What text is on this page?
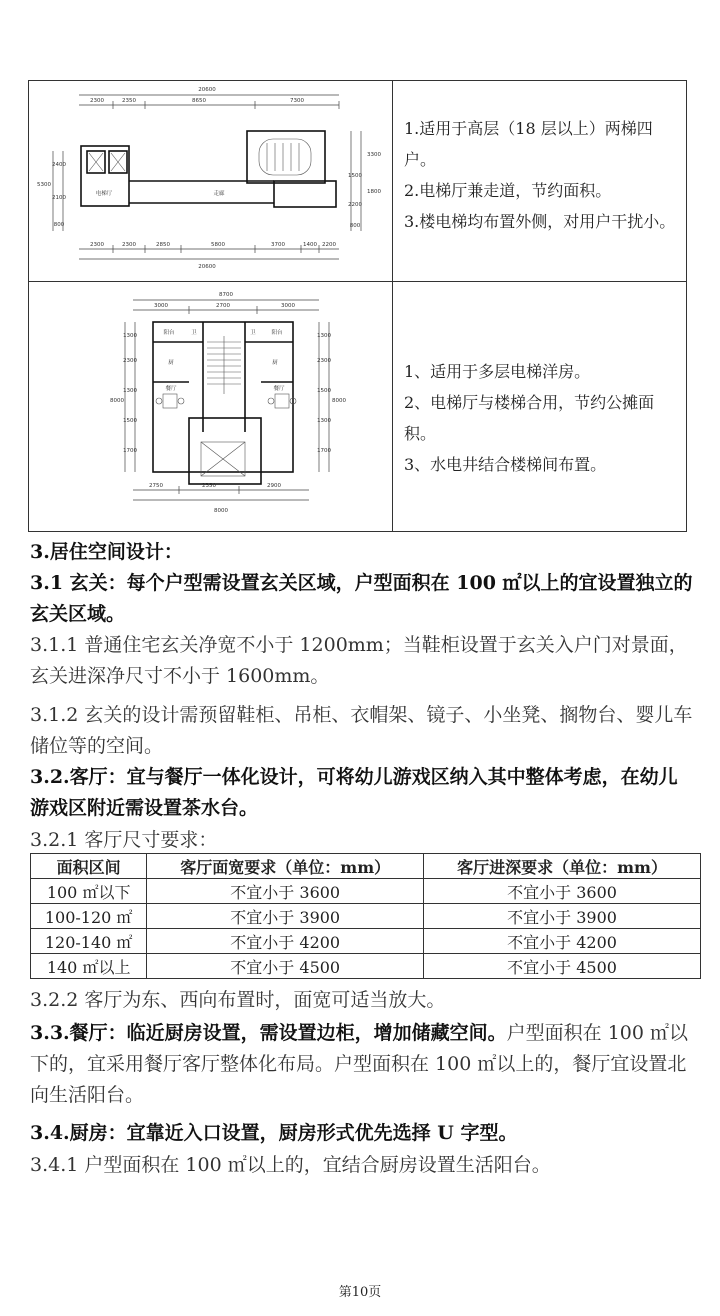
20600
2300	2350	8650	7300
2300	2300	2850	5800	3700	1400 2200
20600
5300
2400
2100
800
3300
1500
1800
2200
800
电梯厅	走廊
1.适用于高层（18 层以上）两梯四户。
2.电梯厅兼走道，节约面积。
3.楼电梯均布置外侧，对用户干扰小。
8700
3000	2700	3000
2750	2350	2900
8000
1300
2300
1300
8000
1500
1700
1300
2300
1500
8000
1300
1700
阳台	卫	阳台
卫
厨	厨
餐厅	餐厅
1、适用于多层电梯洋房。
2、电梯厅与楼梯合用，节约公摊面积。
3、水电井结合楼梯间布置。
3.居住空间设计：
3.1 玄关：每个户型需设置玄关区域，户型面积在 100 ㎡以上的宜设置独立的玄关区域。
3.1.1 普通住宅玄关净宽不小于 1200mm；当鞋柜设置于玄关入户门对景面，玄关进深净尺寸不小于 1600mm。
3.1.2 玄关的设计需预留鞋柜、吊柜、衣帽架、镜子、小坐凳、搁物台、婴儿车储位等的空间。
3.2.客厅：宜与餐厅一体化设计，可将幼儿游戏区纳入其中整体考虑，在幼儿游戏区附近需设置茶水台。
3.2.1 客厅尺寸要求：
面积区间	客厅面宽要求（单位：mm）	客厅进深要求（单位：mm）
100 ㎡以下	不宜小于 3600	不宜小于 3600
100-120 ㎡	不宜小于 3900	不宜小于 3900
120-140 ㎡	不宜小于 4200	不宜小于 4200
140 ㎡以上	不宜小于 4500	不宜小于 4500
3.2.2 客厅为东、西向布置时，面宽可适当放大。
3.3.餐厅：临近厨房设置，需设置边柜，增加储藏空间。户型面积在 100 ㎡以下的，宜采用餐厅客厅整体化布局。户型面积在 100 ㎡以上的，餐厅宜设置北向生活阳台。
3.4.厨房：宜靠近入口设置，厨房形式优先选择 U 字型。
3.4.1 户型面积在 100 ㎡以上的，宜结合厨房设置生活阳台。
第10页
